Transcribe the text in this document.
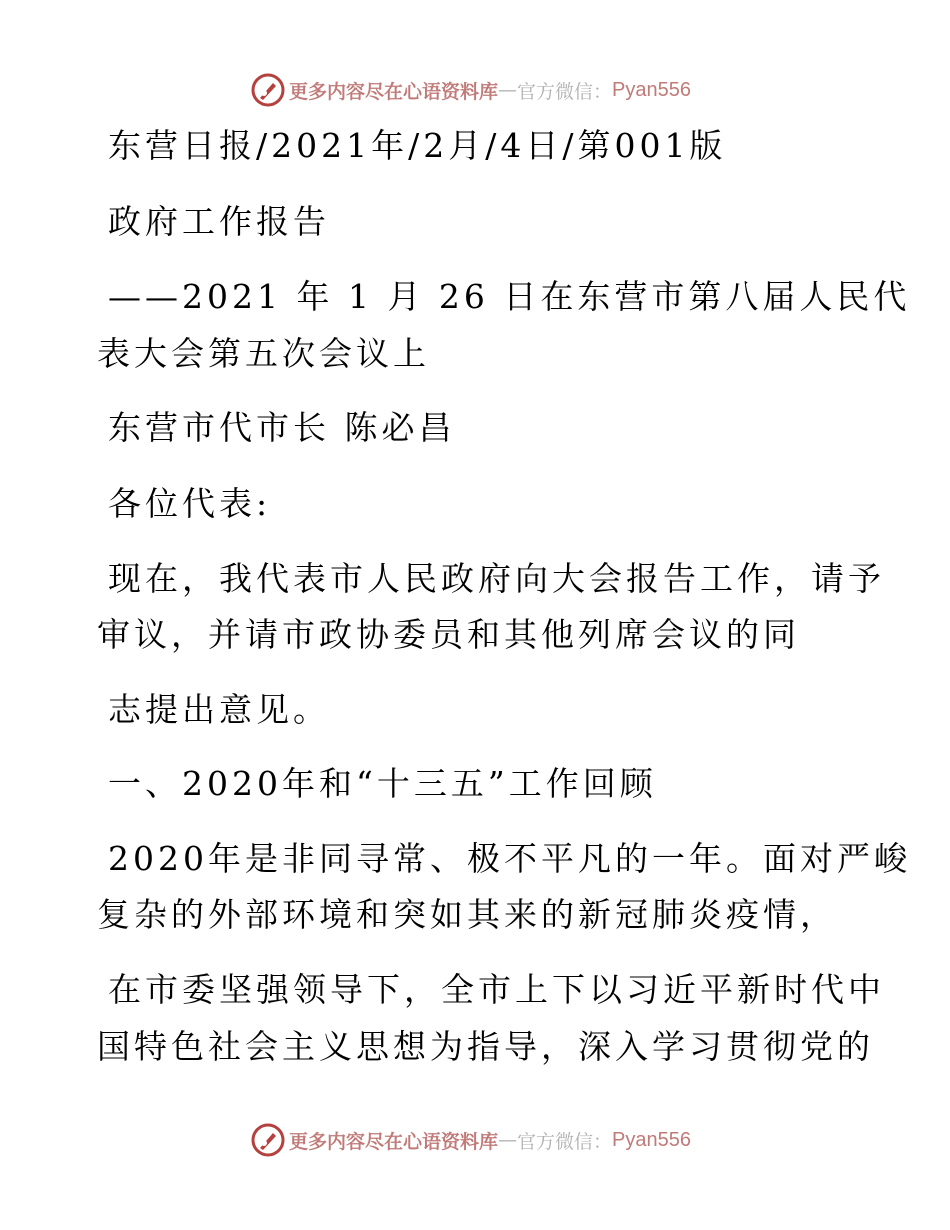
更多内容尽在心语资料库 — 官方微信： Pyan556
东营日报/2021年/2月/4日/第001版
政府工作报告
——2021 年 1 月 26 日在东营市第八届人民代
表大会第五次会议上
东营市代市长 陈必昌
各位代表:
现在，我代表市人民政府向大会报告工作，请予
审议，并请市政协委员和其他列席会议的同
志提出意见。
一、2020年和“十三五”工作回顾
2020年是非同寻常、极不平凡的一年。面对严峻
复杂的外部环境和突如其来的新冠肺炎疫情，
在市委坚强领导下，全市上下以习近平新时代中
国特色社会主义思想为指导，深入学习贯彻党的
更多内容尽在心语资料库 — 官方微信： Pyan556
